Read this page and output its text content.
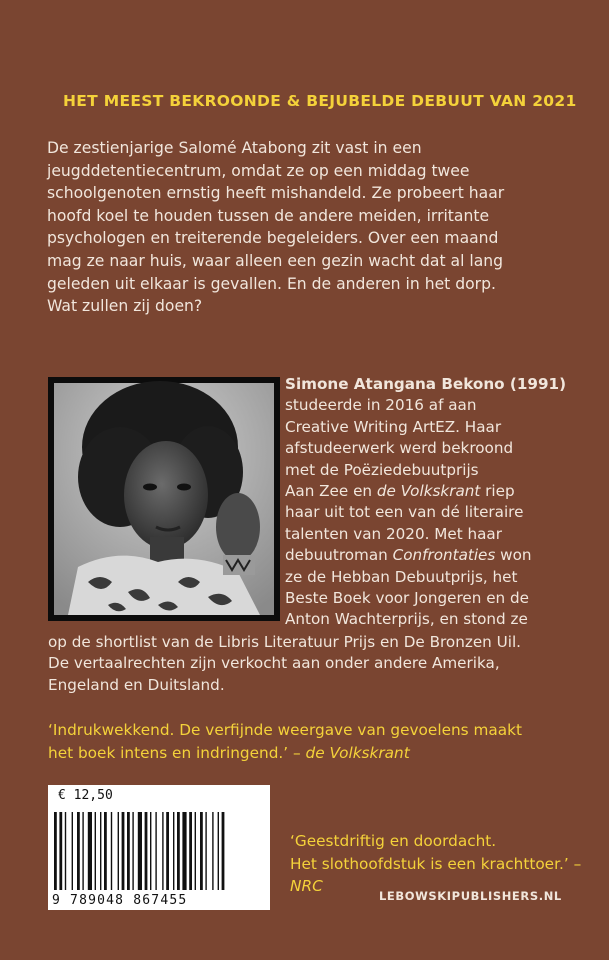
HET MEEST BEKROONDE & BEJUBELDE DEBUUT VAN 2021
De zestienjarige Salomé Atabong zit vast in een
jeugddetentiecentrum, omdat ze op een middag twee
schoolgenoten ernstig heeft mishandeld. Ze probeert haar
hoofd koel te houden tussen de andere meiden, irritante
psychologen en treiterende begeleiders. Over een maand
mag ze naar huis, waar alleen een gezin wacht dat al lang
geleden uit elkaar is gevallen. En de anderen in het dorp.
Wat zullen zij doen?
Simone Atangana Bekono (1991)
studeerde in 2016 af aan
Creative Writing ArtEZ. Haar
afstudeerwerk werd bekroond
met de Poëziedebuutprijs
Aan Zee en de Volkskrant riep
haar uit tot een van dé literaire
talenten van 2020. Met haar
debuutroman Confrontaties won
ze de Hebban Debuutprijs, het
Beste Boek voor Jongeren en de
Anton Wachterprijs, en stond ze
op de shortlist van de Libris Literatuur Prijs en De Bronzen Uil.
De vertaalrechten zijn verkocht aan onder andere Amerika,
Engeland en Duitsland.
‘Indrukwekkend. De verfijnde weergave van gevoelens maakt
het boek intens en indringend.’ – de Volkskrant
€ 12,50
9 789048 867455
‘Geestdriftig en doordacht.
Het slothoofdstuk is een krachttoer.’ – NRC
LEBOWSKIPUBLISHERS.NL
